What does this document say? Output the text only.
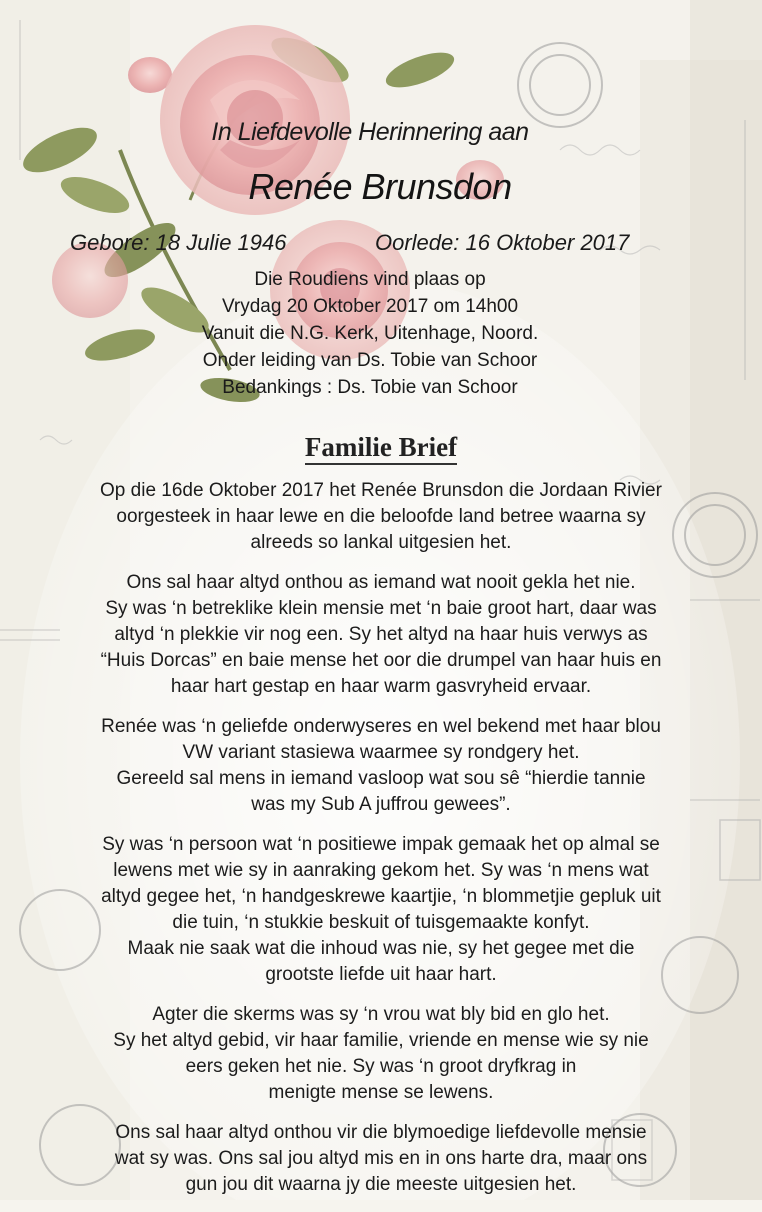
In Liefdevolle Herinnering aan
Renée Brunsdon
Gebore: 18 Julie 1946	Oorlede: 16 Oktober 2017
Die Roudiens vind plaas op
Vrydag 20 Oktober 2017 om 14h00
Vanuit die N.G. Kerk, Uitenhage, Noord.
Onder leiding van Ds. Tobie van Schoor
Bedankings : Ds. Tobie van Schoor
Familie Brief

Op die 16de Oktober 2017 het Renée Brunsdon die Jordaan Rivier
oorgesteek in haar lewe en die beloofde land betree waarna sy
alreeds so lankal uitgesien het.

Ons sal haar altyd onthou as iemand wat nooit gekla het nie.
Sy was ‘n betreklike klein mensie met ‘n baie groot hart, daar was
altyd ‘n plekkie vir nog een. Sy het altyd na haar huis verwys as
“Huis Dorcas” en baie mense het oor die drumpel van haar huis en
haar hart gestap en haar warm gasvryheid ervaar.

Renée was ‘n geliefde onderwyseres en wel bekend met haar blou
VW variant stasiewa waarmee sy rondgery het.
Gereeld sal mens in iemand vasloop wat sou sê “hierdie tannie
was my Sub A juffrou gewees”.

Sy was ‘n persoon wat ‘n positiewe impak gemaak het op almal se
lewens met wie sy in aanraking gekom het. Sy was ‘n mens wat
altyd gegee het, ‘n handgeskrewe kaartjie, ‘n blommetjie gepluk uit
die tuin, ‘n stukkie beskuit of tuisgemaakte konfyt.
Maak nie saak wat die inhoud was nie, sy het gegee met die
grootste liefde uit haar hart.

Agter die skerms was sy ‘n vrou wat bly bid en glo het.
Sy het altyd gebid, vir haar familie, vriende en mense wie sy nie
eers geken het nie. Sy was ‘n groot dryfkrag in
menigte mense se lewens.

Ons sal haar altyd onthou vir die blymoedige liefdevolle mensie
wat sy was. Ons sal jou altyd mis en in ons harte dra, maar ons
gun jou dit waarna jy die meeste uitgesien het.
